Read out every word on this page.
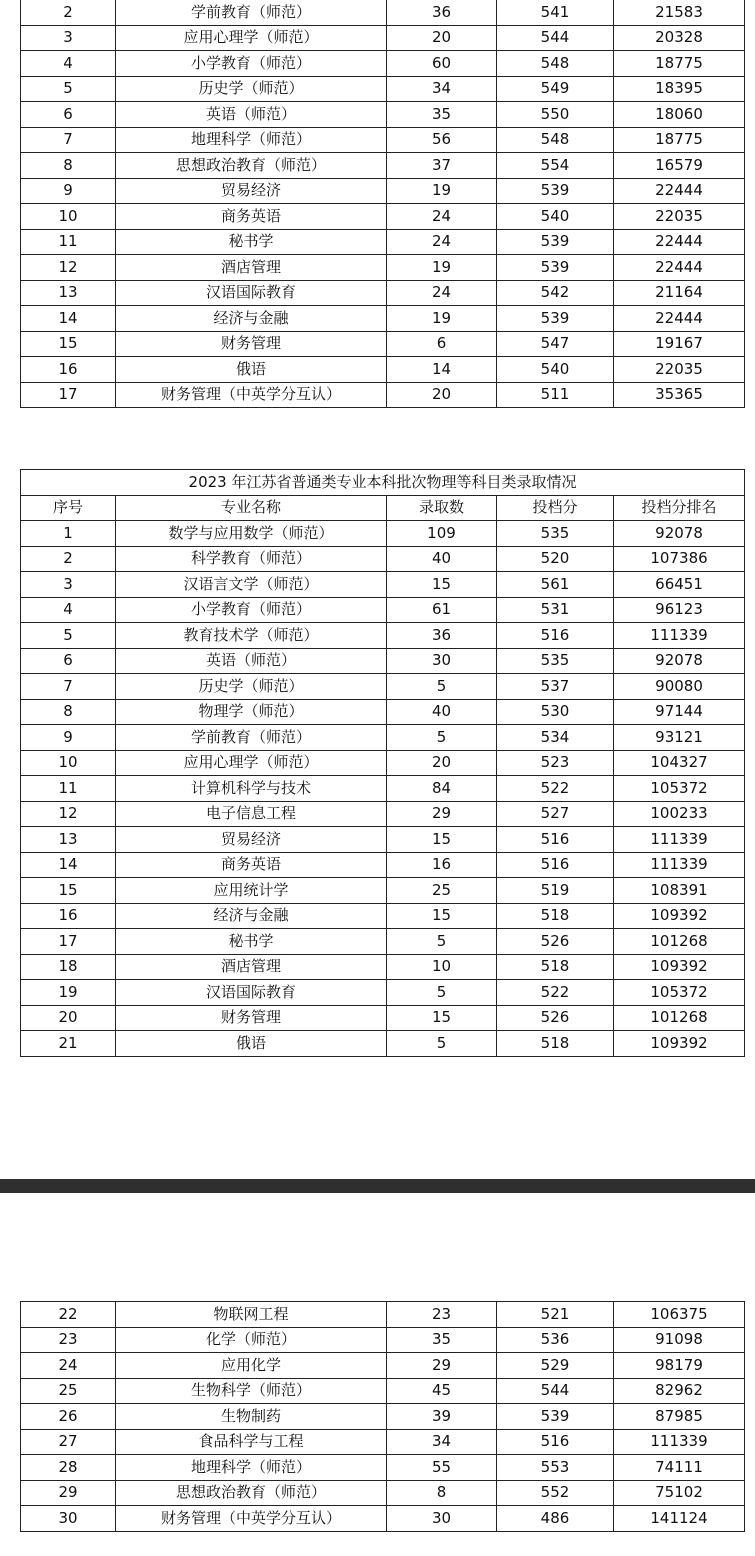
2	学前教育（师范）	36	541	21583
3	应用心理学（师范）	20	544	20328
4	小学教育（师范）	60	548	18775
5	历史学（师范）	34	549	18395
6	英语（师范）	35	550	18060
7	地理科学（师范）	56	548	18775
8	思想政治教育（师范）	37	554	16579
9	贸易经济	19	539	22444
10	商务英语	24	540	22035
11	秘书学	24	539	22444
12	酒店管理	19	539	22444
13	汉语国际教育	24	542	21164
14	经济与金融	19	539	22444
15	财务管理	6	547	19167
16	俄语	14	540	22035
17	财务管理（中英学分互认）	20	511	35365
2023 年江苏省普通类专业本科批次物理等科目类录取情况				
序号	专业名称	录取数	投档分	投档分排名
1	数学与应用数学（师范）	109	535	92078
2	科学教育（师范）	40	520	107386
3	汉语言文学（师范）	15	561	66451
4	小学教育（师范）	61	531	96123
5	教育技术学（师范）	36	516	111339
6	英语（师范）	30	535	92078
7	历史学（师范）	5	537	90080
8	物理学（师范）	40	530	97144
9	学前教育（师范）	5	534	93121
10	应用心理学（师范）	20	523	104327
11	计算机科学与技术	84	522	105372
12	电子信息工程	29	527	100233
13	贸易经济	15	516	111339
14	商务英语	16	516	111339
15	应用统计学	25	519	108391
16	经济与金融	15	518	109392
17	秘书学	5	526	101268
18	酒店管理	10	518	109392
19	汉语国际教育	5	522	105372
20	财务管理	15	526	101268
21	俄语	5	518	109392
22	物联网工程	23	521	106375
23	化学（师范）	35	536	91098
24	应用化学	29	529	98179
25	生物科学（师范）	45	544	82962
26	生物制药	39	539	87985
27	食品科学与工程	34	516	111339
28	地理科学（师范）	55	553	74111
29	思想政治教育（师范）	8	552	75102
30	财务管理（中英学分互认）	30	486	141124
